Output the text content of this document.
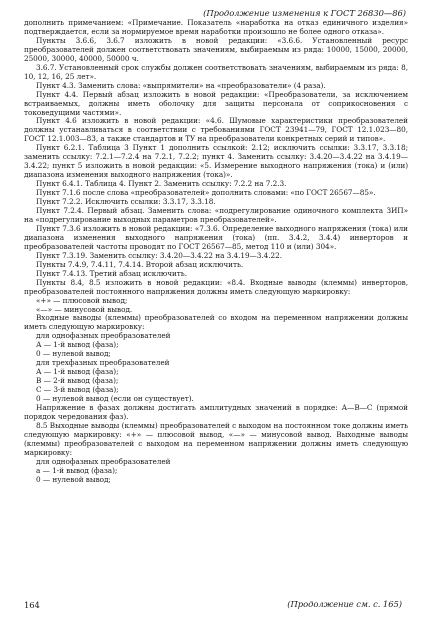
(Продолжение изменения к ГОСТ 26830—86)

дополнить примечанием: «Примечание. Показатель «наработка на отказ единичного изделия» подтверждается, если за нормируемое время наработки произошло не более одного отказа».

Пункты 3.6.6, 3.6.7 изложить в новой редакции: «3.6.6. Установленный ресурс преобразователей должен соответствовать значениям, выбираемым из ряда: 10000, 15000, 20000, 25000, 30000, 40000, 50000 ч.

3.6.7. Установленный срок службы должен соответствовать значениям, выбираемым из ряда: 8, 10, 12, 16, 25 лет».

Пункт 4.3. Заменить слова: «выпрямители» на «преобразователи» (4 раза).

Пункт 4.4. Первый абзац изложить в новой редакции: «Преобразователи, за исключением встраиваемых, должны иметь оболочку для защиты персонала от соприкосновения с токоведущими частями».

Пункт 4.6 изложить в новой редакции: «4.6. Шумовые характеристики преобразователей должны устанавливаться в соответствии с требованиями ГОСТ 23941—79, ГОСТ 12.1.023—80, ГОСТ 12.1.003—83, а также стандартов и ТУ на преобразователи конкретных серий и типов».

Пункт 6.2.1. Таблица 3 Пункт 1 дополнить ссылкой: 2.12; исключить ссылки: 3.3.17, 3.3.18; заменить ссылку: 7.2.1—7.2.4 на 7.2.1, 7.2.2; пункт 4. Заменить ссылку: 3.4.20—3.4.22 на 3.4.19—3.4.22; пункт 5 изложить в новой редакции: «5. Измерение выходного напряжения (тока) и (или) диапазона изменения выходного напряжения (тока)».

Пункт 6.4.1. Таблица 4. Пункт 2. Заменить ссылку: 7.2.2 на 7.2.3.

Пункт 7.1.6 после слова «преобразователей» дополнить словами: «по ГОСТ 26567—85».

Пункт 7.2.2. Исключить ссылки: 3.3.17, 3.3.18.

Пункт 7.2.4. Первый абзац. Заменить слова: «подрегулирование одиночного комплекта ЗИП» на «подрегулирование выходных параметров преобразователей».

Пункт 7.3.6 изложить в новой редакции: «7.3.6. Определение выходного напряжения (тока) или диапазона изменения выходного напряжения (тока) (пп. 3.4.2, 3.4.4) инверторов и преобразователей частоты проводят по ГОСТ 26567—85, метод 110 и (или) 304».

Пункт 7.3.19. Заменить ссылку: 3.4.20—3.4.22 на 3.4.19—3.4.22.

Пункты 7.4.9, 7.4.11, 7.4.14. Второй абзац исключить.

Пункт 7.4.13. Третий абзац исключить.

Пункты 8.4, 8.5 изложить в новой редакции: «8.4. Входные выводы (клеммы) инверторов, преобразователей постоянного напряжения должны иметь следующую маркировку:

«+» — плюсовой вывод;

«—» — минусовой вывод.

Входные выводы (клеммы) преобразователей со входом на переменном напряжении должны иметь следующую маркировку:

для однофазных преобразователей

А — 1-й вывод (фаза);

0 — нулевой вывод;

для трехфазных преобразователей

А — 1-й вывод (фаза);

В — 2-й вывод (фаза);

С — 3-й вывод (фаза);

0 — нулевой вывод (если он существует).

Напряжение в фазах должны достигать амплитудных значений в порядке: А—В—С (прямой порядок чередования фаз).

8.5 Выходные выводы (клеммы) преобразователей с выходом на постоянном токе должны иметь следующую маркировку: «+» — плюсовой вывод, «—» — минусовой вывод. Выходные выводы (клеммы) преобразователей с выходом на переменном напряжении должны иметь следующую маркировку:

для однофазных преобразователей

а — 1-й вывод (фаза);

0 — нулевой вывод;

164	(Продолжение см. с. 165)
